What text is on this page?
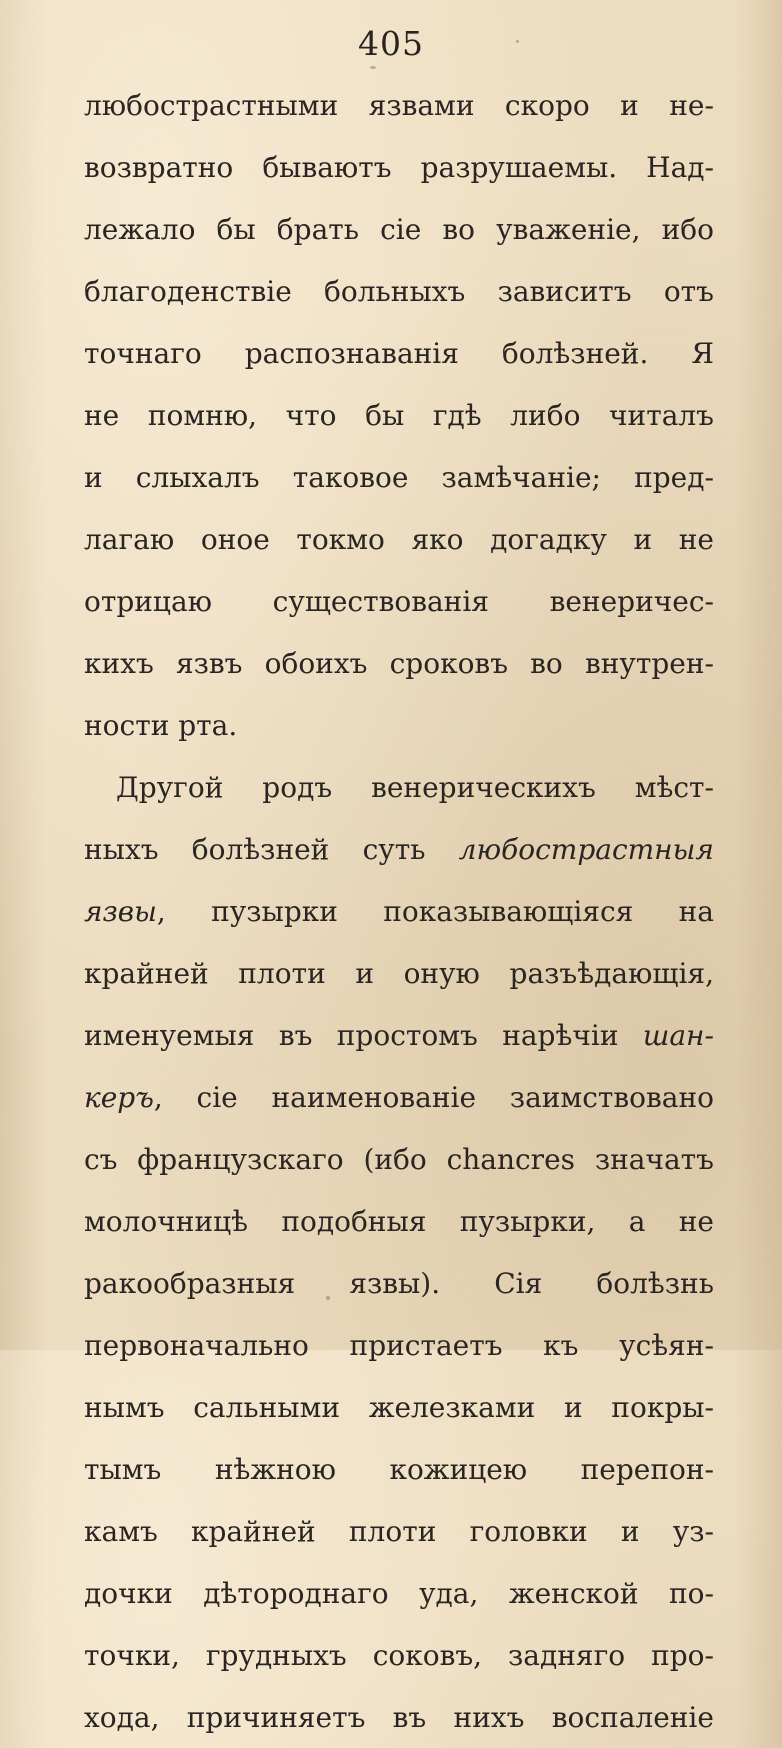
405
любострастными язвами скоро и не-
возвратно бываютъ разрушаемы. Над-
лежало бы брать сіе во уваженіе, ибо
благоденствіе больныхъ зависитъ отъ
точнаго распознаванія болѣзней. Я
не помню, что бы гдѣ либо читалъ
и слыхалъ таковое замѣчаніе; пред-
лагаю оное токмо яко догадку и не
отрицаю существованія венеричес-
кихъ язвъ обоихъ сроковъ во внутрен-
ности рта.
Другой родъ венерическихъ мѣст-
ныхъ болѣзней суть любострастныя
язвы, пузырки показывающіяся на
крайней плоти и оную разъѣдающія,
именуемыя въ простомъ нарѣчіи шан-
керъ, сіе наименованіе заимствовано
съ французскаго (ибо chancres значатъ
молочницѣ подобныя пузырки, а не
ракообразныя язвы). Сія болѣзнь
первоначально пристаетъ къ усѣян-
нымъ сальными железками и покры-
тымъ нѣжною кожицею перепон-
камъ крайней плоти головки и уз-
дочки дѣтороднаго уда, женской по-
точки, грудныхъ соковъ, задняго про-
хода, причиняетъ въ нихъ воспаленіе
